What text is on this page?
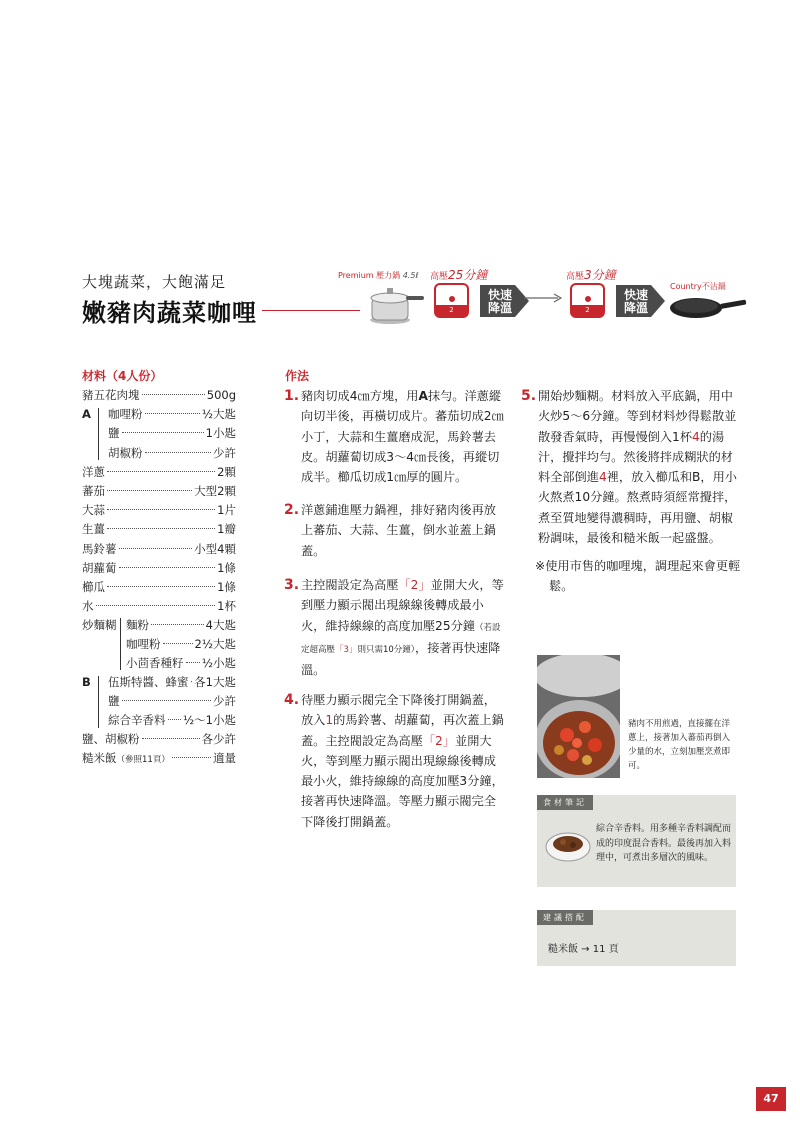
大塊蔬菜，大飽滿足
嫩豬肉蔬菜咖哩
Premium 壓力鍋 4.5ℓ 高壓25分鐘
2
快速
降溫
高壓3分鐘
2
快速
降溫
Country不沾鍋
材料（4人份）
豬五花肉塊	500g
A 咖哩粉	½大匙
鹽	1小匙
胡椒粉	少許
洋蔥	2顆
蕃茄	大型2顆
大蒜	1片
生薑	1瓣
馬鈴薯	小型4顆
胡蘿蔔	1條
櫛瓜	1條
水	1杯
炒麵糊 麵粉	4大匙
咖哩粉	2½大匙
小茴香種籽 ½小匙
B 伍斯特醬、蜂蜜 各1大匙
鹽	少許
綜合辛香料 ½～1小匙
鹽、胡椒粉	各少許
糙米飯 （參照11頁）	適量
作法
1. 豬肉切成4㎝方塊，用A抹勻。洋蔥縱向切半後，再橫切成片。蕃茄切成2㎝小丁，大蒜和生薑磨成泥，馬鈴薯去皮。胡蘿蔔切成3～4㎝長後，再縱切成半。櫛瓜切成1㎝厚的圓片。
2. 洋蔥鋪進壓力鍋裡，排好豬肉後再放上蕃茄、大蒜、生薑，倒水並蓋上鍋蓋。
3. 主控閥設定為高壓「2」並開大火，等到壓力顯示閥出現線線後轉成最小火，維持線線的高度加壓25分鐘（若設定超高壓「3」則只需10分鐘），接著再快速降溫。
4. 待壓力顯示閥完全下降後打開鍋蓋，放入1的馬鈴薯、胡蘿蔔，再次蓋上鍋蓋。主控閥設定為高壓「2」並開大火，等到壓力顯示閥出現線線後轉成最小火，維持線線的高度加壓3分鐘，接著再快速降溫。等壓力顯示閥完全下降後打開鍋蓋。
5. 開始炒麵糊。材料放入平底鍋，用中火炒5～6分鐘。等到材料炒得鬆散並散發香氣時，再慢慢倒入1杯4的湯汁，攪拌均勻。然後將拌成糊狀的材料全部倒進4裡，放入櫛瓜和B，用小火熬煮10分鐘。熬煮時須經常攪拌，煮至質地變得濃稠時，再用鹽、胡椒粉調味，最後和糙米飯一起盛盤。
※使用市售的咖哩塊，調理起來會更輕鬆。
豬肉不用煎過，直接擺在洋蔥上，接著加入蕃茄再倒入少量的水，立刻加壓烹煮即可。
食材筆記
綜合辛香料。用多種辛香料調配而成的印度混合香料。最後再加入料理中，可煮出多層次的風味。
建議搭配
糙米飯 → 11 頁
47
